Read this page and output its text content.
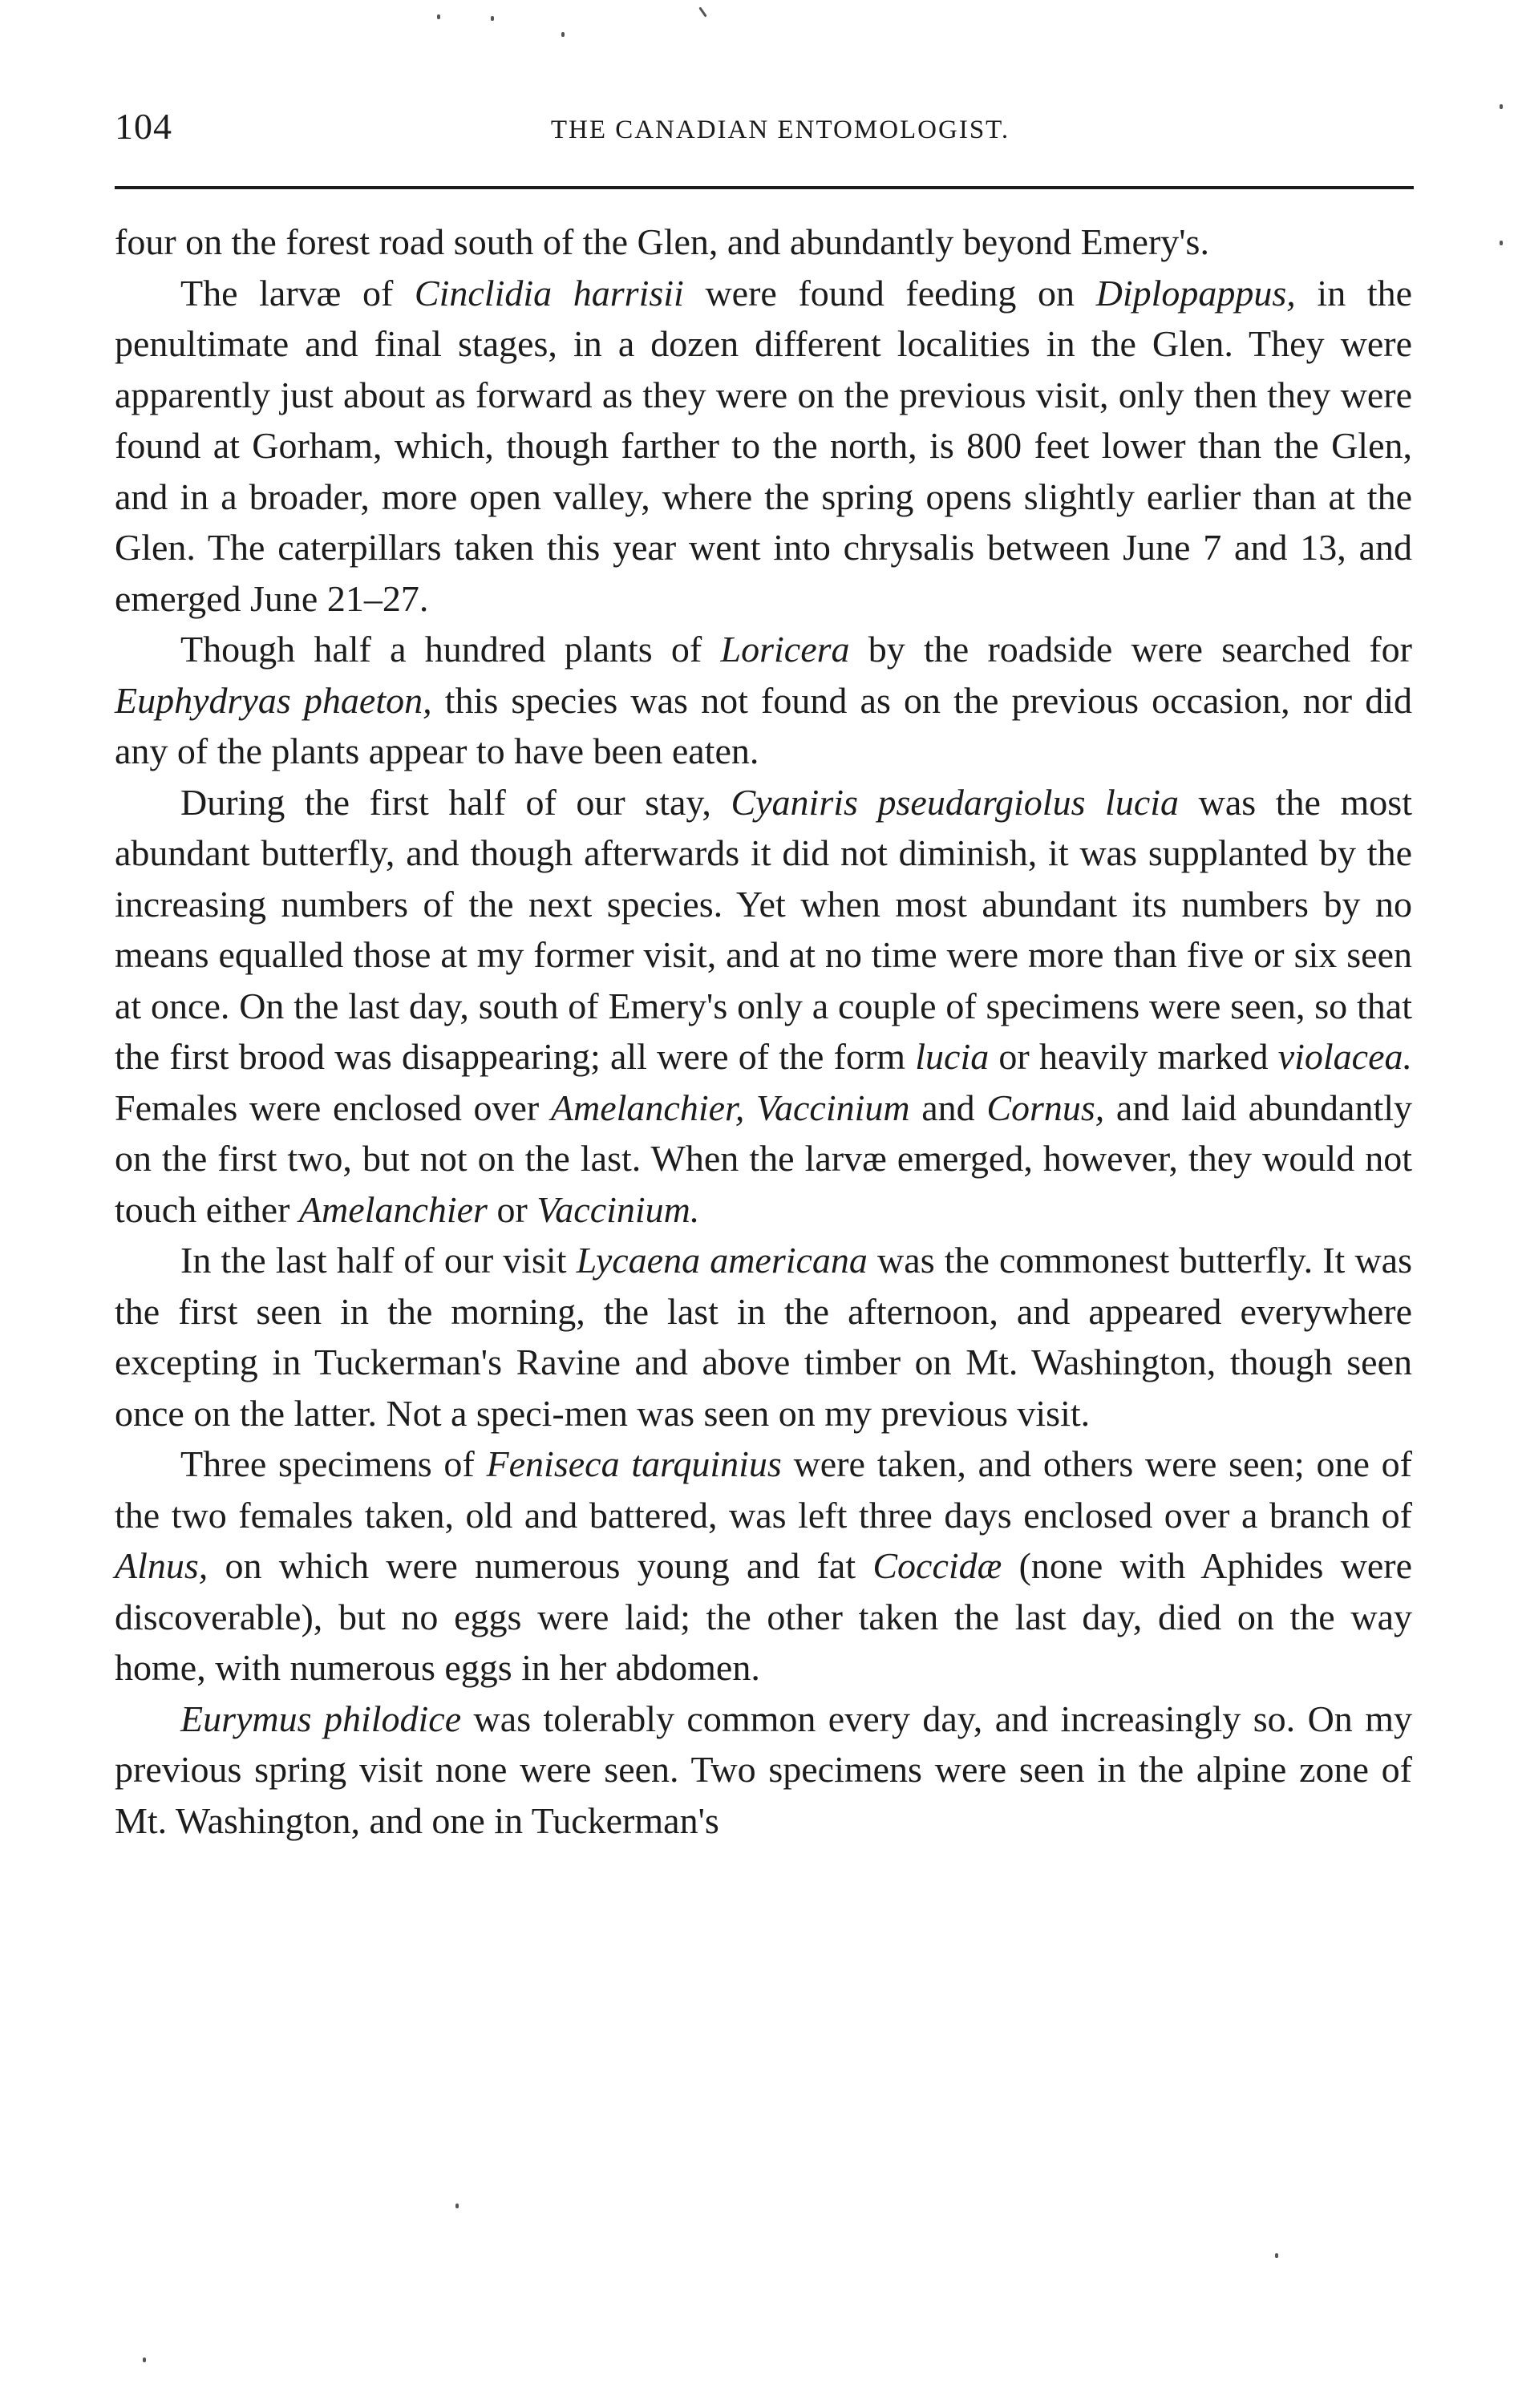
104	THE CANADIAN ENTOMOLOGIST.

four on the forest road south of the Glen, and abundantly beyond Emery's.

The larvæ of Cinclidia harrisii were found feeding on Diplopappus, in the penultimate and final stages, in a dozen different localities in the Glen. They were apparently just about as forward as they were on the previous visit, only then they were found at Gorham, which, though farther to the north, is 800 feet lower than the Glen, and in a broader, more open valley, where the spring opens slightly earlier than at the Glen. The caterpillars taken this year went into chrysalis between June 7 and 13, and emerged June 21–27.

Though half a hundred plants of Loricera by the roadside were searched for Euphydryas phaeton, this species was not found as on the previous occasion, nor did any of the plants appear to have been eaten.

During the first half of our stay, Cyaniris pseudargiolus lucia was the most abundant butterfly, and though afterwards it did not diminish, it was supplanted by the increasing numbers of the next species. Yet when most abundant its numbers by no means equalled those at my former visit, and at no time were more than five or six seen at once. On the last day, south of Emery's only a couple of specimens were seen, so that the first brood was disappearing; all were of the form lucia or heavily marked violacea. Females were enclosed over Amelanchier, Vaccinium and Cornus, and laid abundantly on the first two, but not on the last. When the larvæ emerged, however, they would not touch either Amelanchier or Vaccinium.

In the last half of our visit Lycaena americana was the commonest butterfly. It was the first seen in the morning, the last in the afternoon, and appeared everywhere excepting in Tuckerman's Ravine and above timber on Mt. Washington, though seen once on the latter. Not a speci-men was seen on my previous visit.

Three specimens of Feniseca tarquinius were taken, and others were seen; one of the two females taken, old and battered, was left three days enclosed over a branch of Alnus, on which were numerous young and fat Coccidæ (none with Aphides were discoverable), but no eggs were laid; the other taken the last day, died on the way home, with numerous eggs in her abdomen.

Eurymus philodice was tolerably common every day, and increasingly so. On my previous spring visit none were seen. Two specimens were seen in the alpine zone of Mt. Washington, and one in Tuckerman's
